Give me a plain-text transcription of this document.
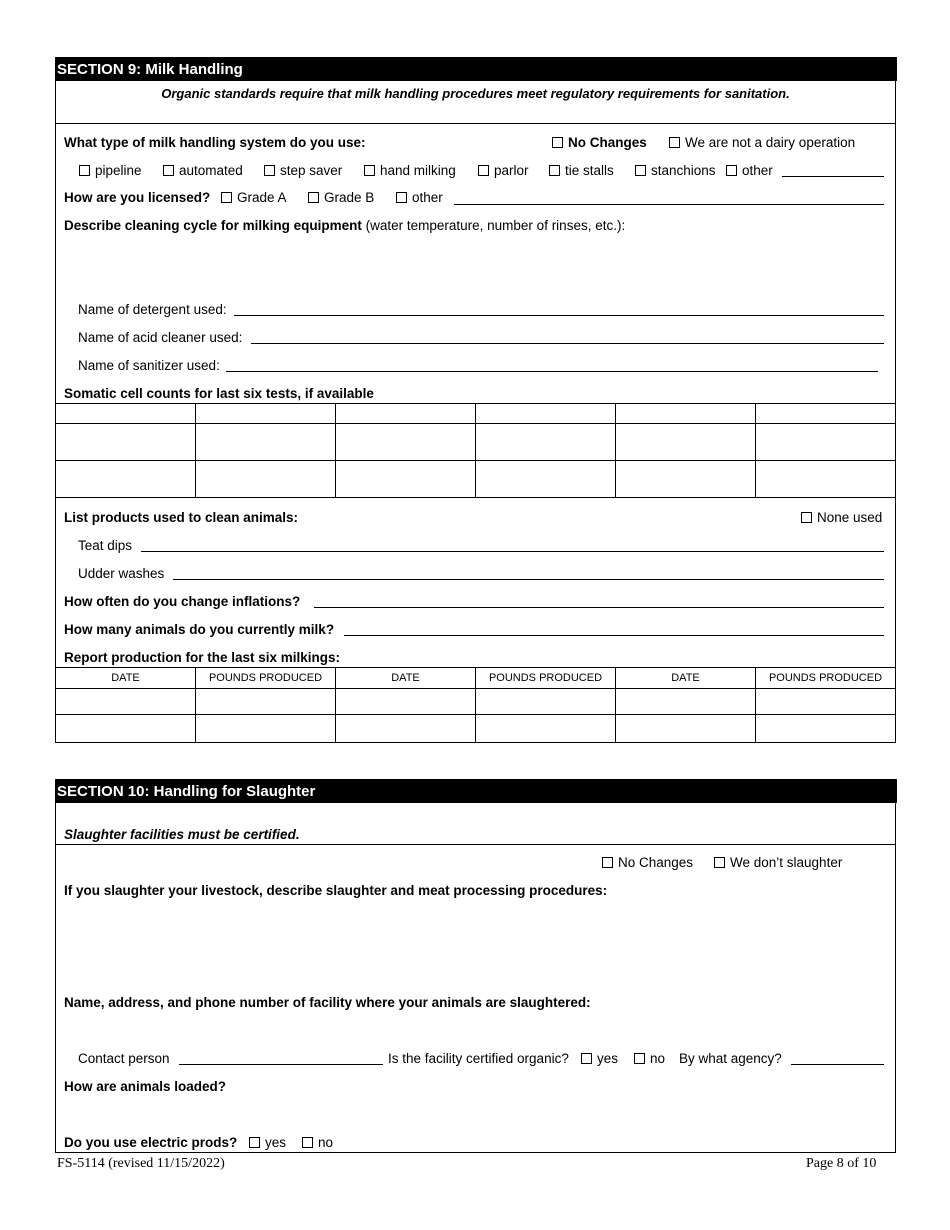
SECTION 9: Milk Handling
Organic standards require that milk handling procedures meet regulatory requirements for sanitation.
What type of milk handling system do you use:	No Changes	We are not a dairy operation
pipeline	automated	step saver	hand milking	parlor	tie stalls	stanchions	other
How are you licensed?	Grade A	Grade B	other
Describe cleaning cycle for milking equipment (water temperature, number of rinses, etc.):
Name of detergent used:
Name of acid cleaner used:
Name of sanitizer used:
Somatic cell counts for last six tests, if available

List products used to clean animals:	None used
Teat dips
Udder washes
How often do you change inflations?
How many animals do you currently milk?
Report production for the last six milkings:
DATE	POUNDS PRODUCED	DATE	POUNDS PRODUCED	DATE	POUNDS PRODUCED

SECTION 10: Handling for Slaughter
Slaughter facilities must be certified.
No Changes	We don’t slaughter
If you slaughter your livestock, describe slaughter and meat processing procedures:
Name, address, and phone number of facility where your animals are slaughtered:
Contact person	Is the facility certified organic?	yes	no By what agency?
How are animals loaded?
Do you use electric prods?	yes	no
FS-5114 (revised 11/15/2022)	Page 8 of 10
